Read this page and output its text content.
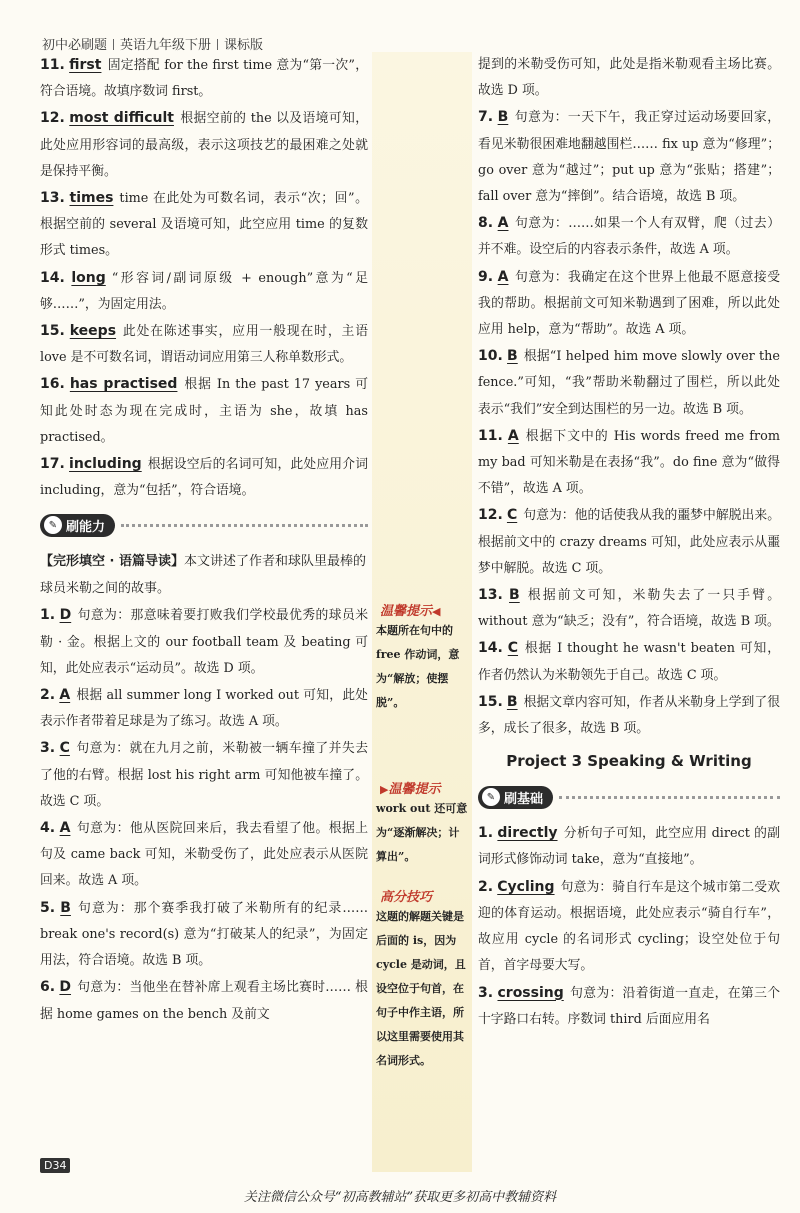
初中必刷题 英语九年级下册 课标版
温馨提示◀
本题所在句中的 free 作动词，意为“解放；使摆脱”。
▶温馨提示
work out 还可意为“逐渐解决；计算出”。
高分技巧
这题的解题关键是后面的 is，因为 cycle 是动词，且设空位于句首，在句子中作主语，所以这里需要使用其名词形式。

11. first 固定搭配 for the first time 意为“第一次”，符合语境。故填序数词 first。

12. most difficult 根据空前的 the 以及语境可知，此处应用形容词的最高级，表示这项技艺的最困难之处就是保持平衡。

13. times time 在此处为可数名词，表示“次；回”。根据空前的 several 及语境可知，此空应用 time 的复数形式 times。

14. long “形容词/副词原级 + enough”意为“足够……”，为固定用法。

15. keeps 此处在陈述事实，应用一般现在时，主语 love 是不可数名词，谓语动词应用第三人称单数形式。

16. has practised 根据 In the past 17 years 可知此处时态为现在完成时，主语为 she，故填 has practised。

17. including 根据设空后的名词可知，此处应用介词 including，意为“包括”，符合语境。

✎ 刷能力

【完形填空 · 语篇导读】本文讲述了作者和球队里最棒的球员米勒之间的故事。

1. D 句意为：那意味着要打败我们学校最优秀的球员米勒 · 金。根据上文的 our football team 及 beating 可知，此处应表示“运动员”。故选 D 项。

2. A 根据 all summer long I worked out 可知，此处表示作者带着足球是为了练习。故选 A 项。

3. C 句意为：就在九月之前，米勒被一辆车撞了并失去了他的右臂。根据 lost his right arm 可知他被车撞了。故选 C 项。

4. A 句意为：他从医院回来后，我去看望了他。根据上句及 came back 可知，米勒受伤了，此处应表示从医院回来。故选 A 项。

5. B 句意为：那个赛季我打破了米勒所有的纪录…… break one's record(s) 意为“打破某人的纪录”，为固定用法，符合语境。故选 B 项。

6. D 句意为：当他坐在替补席上观看主场比赛时…… 根据 home games on the bench 及前文

提到的米勒受伤可知，此处是指米勒观看主场比赛。故选 D 项。

7. B 句意为：一天下午，我正穿过运动场要回家，看见米勒很困难地翻越围栏…… fix up 意为“修理”；go over 意为“越过”；put up 意为“张贴；搭建”；fall over 意为“摔倒”。结合语境，故选 B 项。

8. A 句意为：……如果一个人有双臂，爬（过去）并不难。设空后的内容表示条件，故选 A 项。

9. A 句意为：我确定在这个世界上他最不愿意接受我的帮助。根据前文可知米勒遇到了困难，所以此处应用 help，意为“帮助”。故选 A 项。

10. B 根据“I helped him move slowly over the fence.”可知，“我”帮助米勒翻过了围栏，所以此处表示“我们”安全到达围栏的另一边。故选 B 项。

11. A 根据下文中的 His words freed me from my bad 可知米勒是在表扬“我”。do fine 意为“做得不错”，故选 A 项。

12. C 句意为：他的话使我从我的噩梦中解脱出来。根据前文中的 crazy dreams 可知，此处应表示从噩梦中解脱。故选 C 项。

13. B 根据前文可知，米勒失去了一只手臂。without 意为“缺乏；没有”，符合语境，故选 B 项。

14. C 根据 I thought he wasn't beaten 可知，作者仍然认为米勒领先于自己。故选 C 项。

15. B 根据文章内容可知，作者从米勒身上学到了很多，成长了很多，故选 B 项。

Project 3 Speaking & Writing
✎ 刷基础

1. directly 分析句子可知，此空应用 direct 的副词形式修饰动词 take，意为“直接地”。

2. Cycling 句意为：骑自行车是这个城市第二受欢迎的体育运动。根据语境，此处应表示“骑自行车”，故应用 cycle 的名词形式 cycling；设空处位于句首，首字母要大写。

3. crossing 句意为：沿着街道一直走，在第三个十字路口右转。序数词 third 后面应用名

D34
关注微信公众号“初高教辅站”获取更多初高中教辅资料
